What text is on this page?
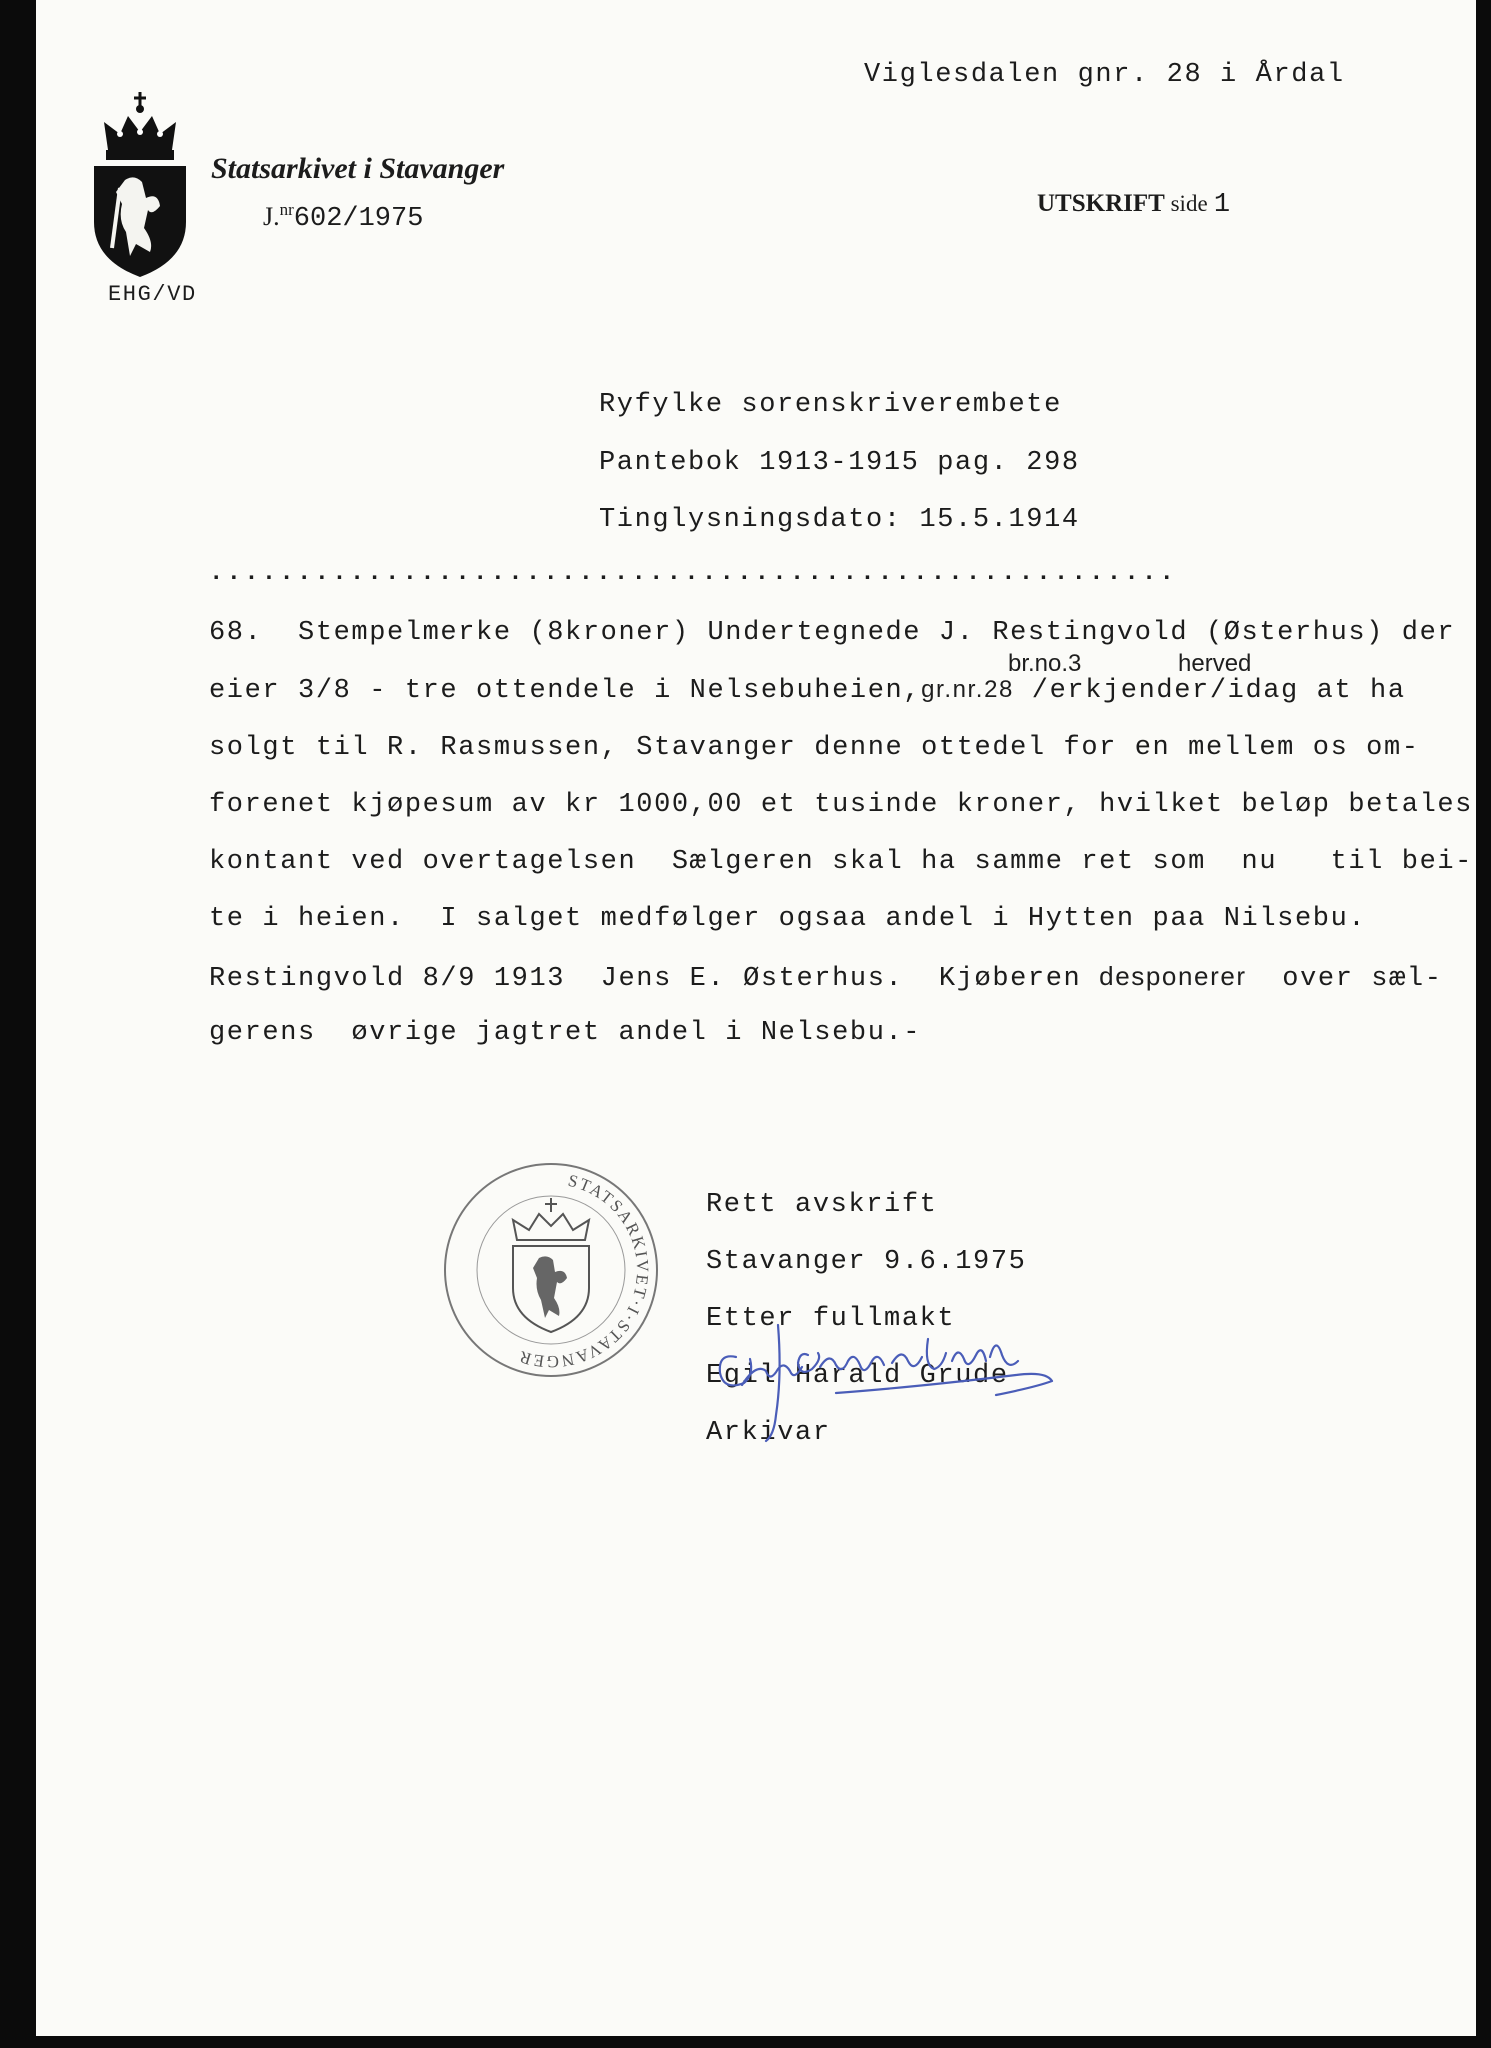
Statsarkivet i Stavanger
J.$^{nr}$602/1975
EHG/VD
Viglesdalen gnr. 28 i Årdal
UTSKRIFT side 1
Ryfylke sorenskriverembete
Pantebok 1913-1915 pag. 298
Tinglysningsdato: 15.5.1914
.......................................................
68.  Stempelmerke (8kroner) Undertegnede J. Restingvold (Østerhus) der
br.no.3	herved
eier 3/8 - tre ottendele i Nelsebuheien,gr.nr.28 /erkjender/idag at ha
solgt til R. Rasmussen, Stavanger denne ottedel for en mellem os om-
forenet kjøpesum av kr 1000,00 et tusinde kroner, hvilket beløp betales
kontant ved overtagelsen  Sælgeren skal ha samme ret som  nu   til bei-
te i heien.  I salget medfølger ogsaa andel i Hytten paa Nilsebu.
Restingvold 8/9 1913  Jens E. Østerhus.  Kjøberen desponerer  over sæl-
gerens  øvrige jagtret andel i Nelsebu.-
STATSARKIVET·I·STAVANGER
Rett avskrift
Stavanger 9.6.1975
Etter fullmakt
Egil Harald Grude
Arkivar
